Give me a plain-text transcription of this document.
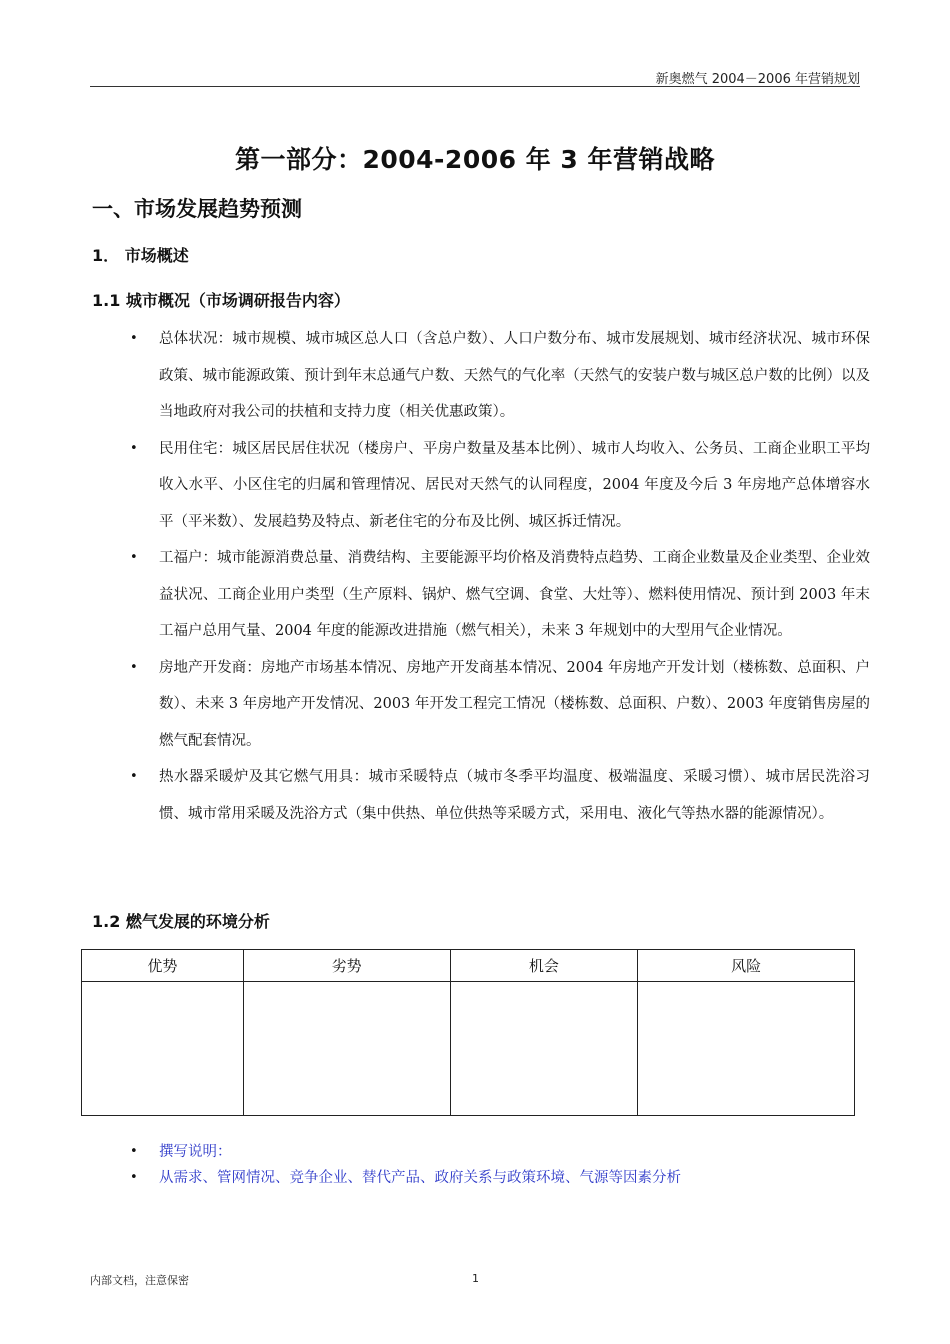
新奥燃气 2004－2006 年营销规划
第一部分：2004-2006 年 3 年营销战略
一、市场发展趋势预测
1． 市场概述
1.1 城市概况（市场调研报告内容）
• 总体状况：城市规模、城市城区总人口（含总户数）、人口户数分布、城市发展规划、城市经济状况、城市环保政策、城市能源政策、预计到年末总通气户数、天然气的气化率（天然气的安装户数与城区总户数的比例）以及当地政府对我公司的扶植和支持力度（相关优惠政策）。
• 民用住宅：城区居民居住状况（楼房户、平房户数量及基本比例）、城市人均收入、公务员、工商企业职工平均收入水平、小区住宅的归属和管理情况、居民对天然气的认同程度，2004 年度及今后 3 年房地产总体增容水平（平米数）、发展趋势及特点、新老住宅的分布及比例、城区拆迁情况。
• 工福户：城市能源消费总量、消费结构、主要能源平均价格及消费特点趋势、工商企业数量及企业类型、企业效益状况、工商企业用户类型（生产原料、锅炉、燃气空调、食堂、大灶等）、燃料使用情况、预计到 2003 年末工福户总用气量、2004 年度的能源改进措施（燃气相关），未来 3 年规划中的大型用气企业情况。
• 房地产开发商：房地产市场基本情况、房地产开发商基本情况、2004 年房地产开发计划（楼栋数、总面积、户数）、未来 3 年房地产开发情况、2003 年开发工程完工情况（楼栋数、总面积、户数）、2003 年度销售房屋的燃气配套情况。
• 热水器采暖炉及其它燃气用具：城市采暖特点（城市冬季平均温度、极端温度、采暖习惯）、城市居民洗浴习惯、城市常用采暖及洗浴方式（集中供热、单位供热等采暖方式，采用电、液化气等热水器的能源情况）。
1.2 燃气发展的环境分析
优势	劣势	机会	风险

• 撰写说明：
• 从需求、管网情况、竞争企业、替代产品、政府关系与政策环境、气源等因素分析
内部文档，注意保密	1
